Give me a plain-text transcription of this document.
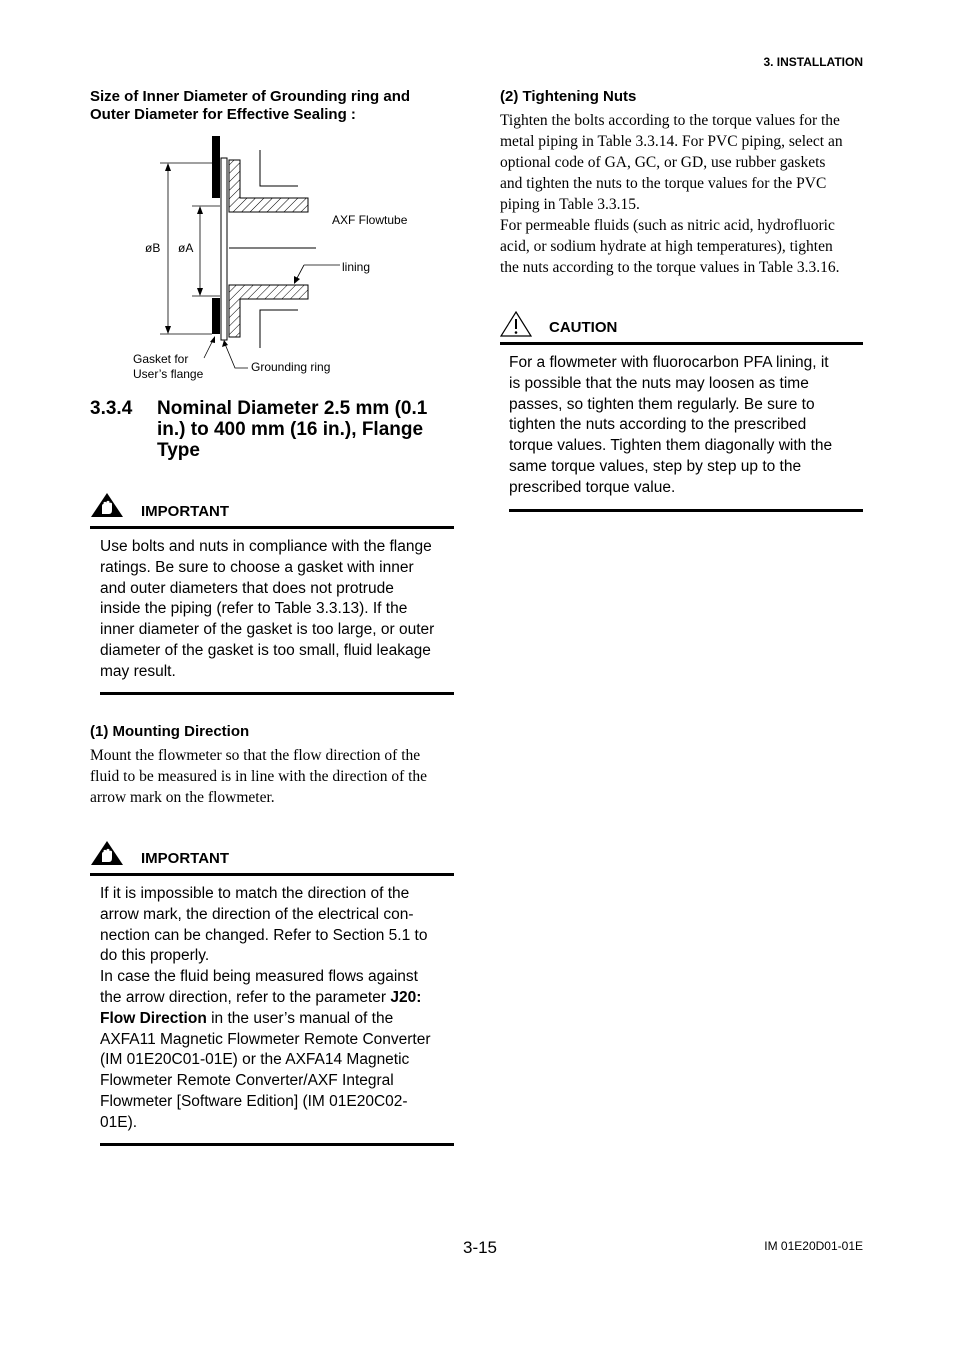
3. INSTALLATION
Size of Inner Diameter of Grounding ring and
Outer Diameter for Effective Sealing :
AXF Flowtube
lining
øB øA
Gasket for
User’s flange	Grounding ring
3.3.4 Nominal Diameter 2.5 mm (0.1
in.) to 400 mm (16 in.), Flange
Type
IMPORTANT
Use bolts and nuts in compliance with the flange
ratings. Be sure to choose a gasket with inner
and outer diameters that does not protrude
inside the piping (refer to Table 3.3.13). If the
inner diameter of the gasket is too large, or outer
diameter of the gasket is too small, fluid leakage
may result.
(1) Mounting Direction
Mount the flowmeter so that the flow direction of the
fluid to be measured is in line with the direction of the
arrow mark on the flowmeter.
IMPORTANT
If it is impossible to match the direction of the
arrow mark, the direction of the electrical con-
nection can be changed. Refer to Section 5.1 to
do this properly.
In case the fluid being measured flows against
the arrow direction, refer to the parameter J20:
Flow Direction in the user’s manual of the
AXFA11 Magnetic Flowmeter Remote Converter
(IM 01E20C01-01E) or the AXFA14 Magnetic
Flowmeter Remote Converter/AXF Integral
Flowmeter [Software Edition] (IM 01E20C02-
01E).
(2) Tightening Nuts
Tighten the bolts according to the torque values for the
metal piping in Table 3.3.14. For PVC piping, select an
optional code of GA, GC, or GD, use rubber gaskets
and tighten the nuts to the torque values for the PVC
piping in Table 3.3.15.
For permeable fluids (such as nitric acid, hydrofluoric
acid, or sodium hydrate at high temperatures), tighten
the nuts according to the torque values in Table 3.3.16.
CAUTION
For a flowmeter with fluorocarbon PFA lining, it
is possible that the nuts may loosen as time
passes, so tighten them regularly. Be sure to
tighten the nuts according to the prescribed
torque values. Tighten them diagonally with the
same torque values, step by step up to the
prescribed torque value.
3-15	IM 01E20D01-01E
